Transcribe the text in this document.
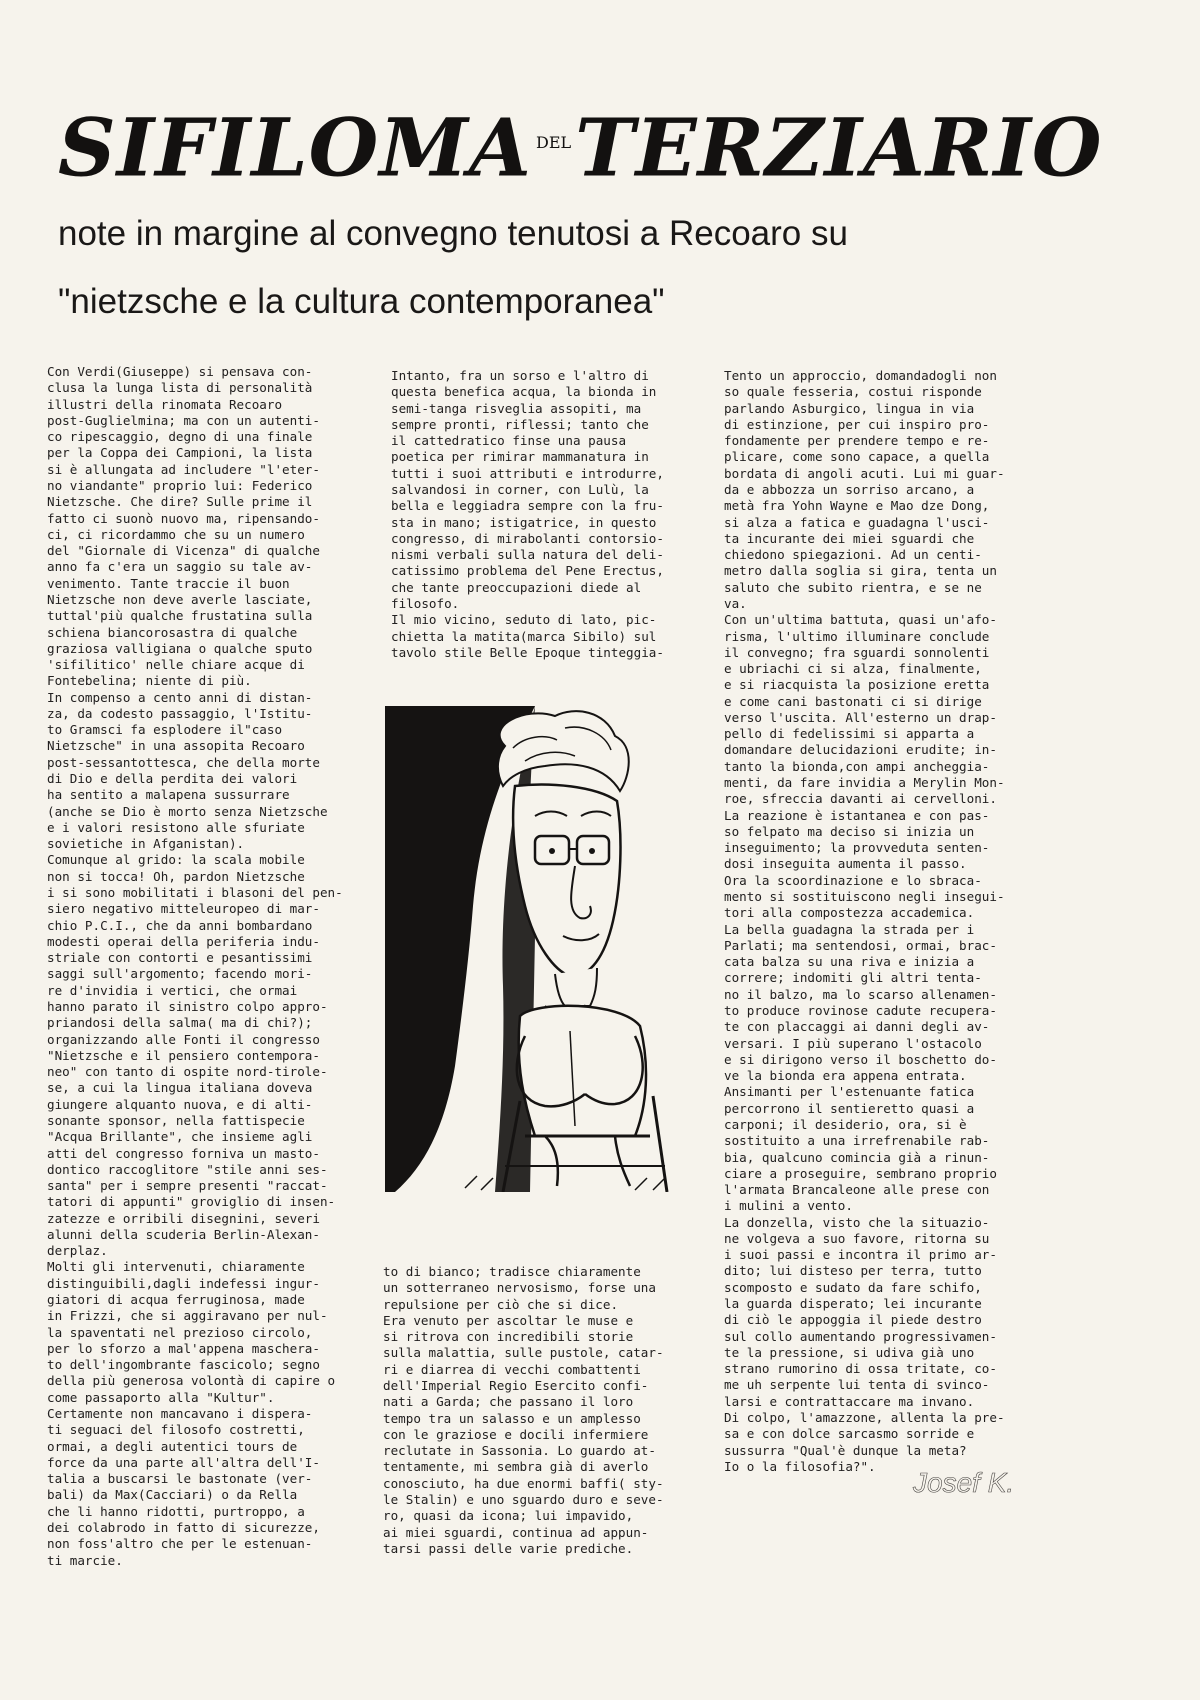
SIFILOMA $^{DEL}$TERZIARIO

note in margine al convegno tenutosi a Recoaro su

"nietzsche e la cultura contemporanea"

Con Verdi(Giuseppe) si pensava con-
clusa la lunga lista di personalità
illustri della rinomata Recoaro
post-Guglielmina; ma con un autenti-
co ripescaggio, degno di una finale
per la Coppa dei Campioni, la lista
si è allungata ad includere "l'eter-
no viandante" proprio lui: Federico
Nietzsche. Che dire? Sulle prime il
fatto ci suonò nuovo ma, ripensando-
ci, ci ricordammo che su un numero
del "Giornale di Vicenza" di qualche
anno fa c'era un saggio su tale av-
venimento. Tante traccie il buon
Nietzsche non deve averle lasciate,
tuttal'più qualche frustatina sulla
schiena biancorosastra di qualche
graziosa valligiana o qualche sputo
'sifilitico' nelle chiare acque di
Fontebelina; niente di più.
In compenso a cento anni di distan-
za, da codesto passaggio, l'Istitu-
to Gramsci fa esplodere il"caso
Nietzsche" in una assopita Recoaro
post-sessantottesca, che della morte
di Dio e della perdita dei valori
ha sentito a malapena sussurrare
(anche se Dio è morto senza Nietzsche
e i valori resistono alle sfuriate
sovietiche in Afganistan).
Comunque al grido: la scala mobile
non si tocca! Oh, pardon Nietzsche
i si sono mobilitati i blasoni del pen-
siero negativo mitteleuropeo di mar-
chio P.C.I., che da anni bombardano
modesti operai della periferia indu-
striale con contorti e pesantissimi
saggi sull'argomento; facendo mori-
re d'invidia i vertici, che ormai
hanno parato il sinistro colpo appro-
priandosi della salma( ma di chi?);
organizzando alle Fonti il congresso
"Nietzsche e il pensiero contempora-
neo" con tanto di ospite nord-tirole-
se, a cui la lingua italiana doveva
giungere alquanto nuova, e di alti-
sonante sponsor, nella fattispecie
"Acqua Brillante", che insieme agli
atti del congresso forniva un masto-
dontico raccoglitore "stile anni ses-
santa" per i sempre presenti "raccat-
tatori di appunti" groviglio di insen-
zatezze e orribili disegnini, severi
alunni della scuderia Berlin-Alexan-
derplaz.
Molti gli intervenuti, chiaramente
distinguibili,dagli indefessi ingur-
giatori di acqua ferruginosa, made
in Frizzi, che si aggiravano per nul-
la spaventati nel prezioso circolo,
per lo sforzo a mal'appena maschera-
to dell'ingombrante fascicolo; segno
della più generosa volontà di capire o
come passaporto alla "Kultur".
Certamente non mancavano i dispera-
ti seguaci del filosofo costretti,
ormai, a degli autentici tours de
force da una parte all'altra dell'I-
talia a buscarsi le bastonate (ver-
bali) da Max(Cacciari) o da Rella
che li hanno ridotti, purtroppo, a
dei colabrodo in fatto di sicurezze,
non foss'altro che per le estenuan-
ti marcie.
Intanto, fra un sorso e l'altro di
questa benefica acqua, la bionda in
semi-tanga risveglia assopiti, ma
sempre pronti, riflessi; tanto che
il cattedratico finse una pausa
poetica per rimirar mammanatura in
tutti i suoi attributi e introdurre,
salvandosi in corner, con Lulù, la
bella e leggiadra sempre con la fru-
sta in mano; istigatrice, in questo
congresso, di mirabolanti contorsio-
nismi verbali sulla natura del deli-
catissimo problema del Pene Erectus,
che tante preoccupazioni diede al
filosofo.
Il mio vicino, seduto di lato, pic-
chietta la matita(marca Sibilo) sul
tavolo stile Belle Epoque tinteggia-
to di bianco; tradisce chiaramente
un sotterraneo nervosismo, forse una
repulsione per ciò che si dice.
Era venuto per ascoltar le muse e
si ritrova con incredibili storie
sulla malattia, sulle pustole, catar-
ri e diarrea di vecchi combattenti
dell'Imperial Regio Esercito confi-
nati a Garda; che passano il loro
tempo tra un salasso e un amplesso
con le graziose e docili infermiere
reclutate in Sassonia. Lo guardo at-
tentamente, mi sembra già di averlo
conosciuto, ha due enormi baffi( sty-
le Stalin) e uno sguardo duro e seve-
ro, quasi da icona; lui impavido,
ai miei sguardi, continua ad appun-
tarsi passi delle varie prediche.
Tento un approccio, domandadogli non
so quale fesseria, costui risponde
parlando Asburgico, lingua in via
di estinzione, per cui inspiro pro-
fondamente per prendere tempo e re-
plicare, come sono capace, a quella
bordata di angoli acuti. Lui mi guar-
da e abbozza un sorriso arcano, a
metà fra Yohn Wayne e Mao dze Dong,
si alza a fatica e guadagna l'usci-
ta incurante dei miei sguardi che
chiedono spiegazioni. Ad un centi-
metro dalla soglia si gira, tenta un
saluto che subito rientra, e se ne
va.
Con un'ultima battuta, quasi un'afo-
risma, l'ultimo illuminare conclude
il convegno; fra sguardi sonnolenti
e ubriachi ci si alza, finalmente,
e si riacquista la posizione eretta
e come cani bastonati ci si dirige
verso l'uscita. All'esterno un drap-
pello di fedelissimi si apparta a
domandare delucidazioni erudite; in-
tanto la bionda,con ampi ancheggia-
menti, da fare invidia a Merylin Mon-
roe, sfreccia davanti ai cervelloni.
La reazione è istantanea e con pas-
so felpato ma deciso si inizia un
inseguimento; la provveduta senten-
dosi inseguita aumenta il passo.
Ora la scoordinazione e lo sbraca-
mento si sostituiscono negli insegui-
tori alla compostezza accademica.
La bella guadagna la strada per i
Parlati; ma sentendosi, ormai, brac-
cata balza su una riva e inizia a
correre; indomiti gli altri tenta-
no il balzo, ma lo scarso allenamen-
to produce rovinose cadute recupera-
te con placcaggi ai danni degli av-
versari. I più superano l'ostacolo
e si dirigono verso il boschetto do-
ve la bionda era appena entrata.
Ansimanti per l'estenuante fatica
percorrono il sentieretto quasi a
carponi; il desiderio, ora, si è
sostituito a una irrefrenabile rab-
bia, qualcuno comincia già a rinun-
ciare a proseguire, sembrano proprio
l'armata Brancaleone alle prese con
i mulini a vento.
La donzella, visto che la situazio-
ne volgeva a suo favore, ritorna su
i suoi passi e incontra il primo ar-
dito; lui disteso per terra, tutto
scomposto e sudato da fare schifo,
la guarda disperato; lei incurante
di ciò le appoggia il piede destro
sul collo aumentando progressivamen-
te la pressione, si udiva già uno
strano rumorino di ossa tritate, co-
me uh serpente lui tenta di svinco-
larsi e contrattaccare ma invano.
Di colpo, l'amazzone, allenta la pre-
sa e con dolce sarcasmo sorride e
sussurra "Qual'è dunque la meta?
Io o la filosofia?".

Josef K.
